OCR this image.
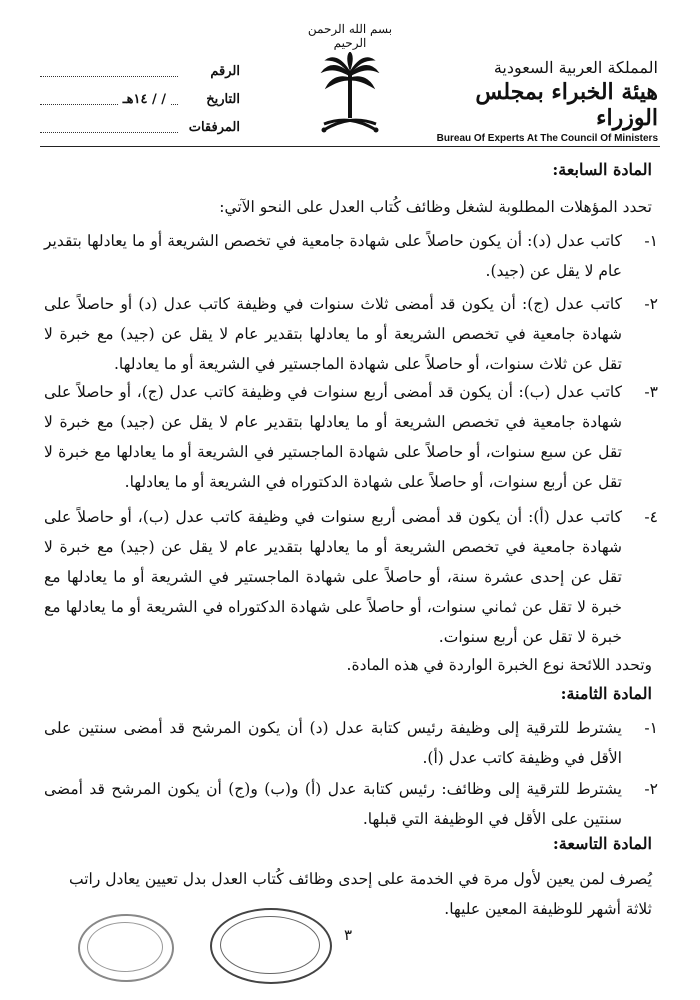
بسم الله الرحمن الرحيم
المملكة العربية السعودية
هيئة الخبراء بمجلس الوزراء
Bureau Of Experts At The Council Of Ministers
الرقم
/ / ١٤هـ	التاريخ
المرفقات
المادة السابعة:
تحدد المؤهلات المطلوبة لشغل وظائف كُتاب العدل على النحو الآتي:
١-
كاتب عدل (د): أن يكون حاصلاً على شهادة جامعية في تخصص الشريعة أو ما يعادلها بتقدير عام لا يقل عن (جيد).
٢-
كاتب عدل (ج): أن يكون قد أمضى ثلاث سنوات في وظيفة كاتب عدل (د) أو حاصلاً على شهادة جامعية في تخصص الشريعة أو ما يعادلها بتقدير عام لا يقل عن (جيد) مع خبرة لا تقل عن ثلاث سنوات، أو حاصلاً على شهادة الماجستير في الشريعة أو ما يعادلها.
٣-
كاتب عدل (ب): أن يكون قد أمضى أربع سنوات في وظيفة كاتب عدل (ج)، أو حاصلاً على شهادة جامعية في تخصص الشريعة أو ما يعادلها بتقدير عام لا يقل عن (جيد) مع خبرة لا تقل عن سبع سنوات، أو حاصلاً على شهادة الماجستير في الشريعة أو ما يعادلها مع خبرة لا تقل عن أربع سنوات، أو حاصلاً على شهادة الدكتوراه في الشريعة أو ما يعادلها.
٤-
كاتب عدل (أ): أن يكون قد أمضى أربع سنوات في وظيفة كاتب عدل (ب)، أو حاصلاً على شهادة جامعية في تخصص الشريعة أو ما يعادلها بتقدير عام لا يقل عن (جيد) مع خبرة لا تقل عن إحدى عشرة سنة، أو حاصلاً على شهادة الماجستير في الشريعة أو ما يعادلها مع خبرة لا تقل عن ثماني سنوات، أو حاصلاً على شهادة الدكتوراه في الشريعة أو ما يعادلها مع خبرة لا تقل عن أربع سنوات.
وتحدد اللائحة نوع الخبرة الواردة في هذه المادة.
المادة الثامنة:
١-
يشترط للترقية إلى وظيفة رئيس كتابة عدل (د) أن يكون المرشح قد أمضى سنتين على الأقل في وظيفة كاتب عدل (أ).
٢-
يشترط للترقية إلى وظائف: رئيس كتابة عدل (أ) و(ب) و(ج) أن يكون المرشح قد أمضى سنتين على الأقل في الوظيفة التي قبلها.
المادة التاسعة:
يُصرف لمن يعين لأول مرة في الخدمة على إحدى وظائف كُتاب العدل بدل تعيين يعادل راتب ثلاثة أشهر للوظيفة المعين عليها.
٣
